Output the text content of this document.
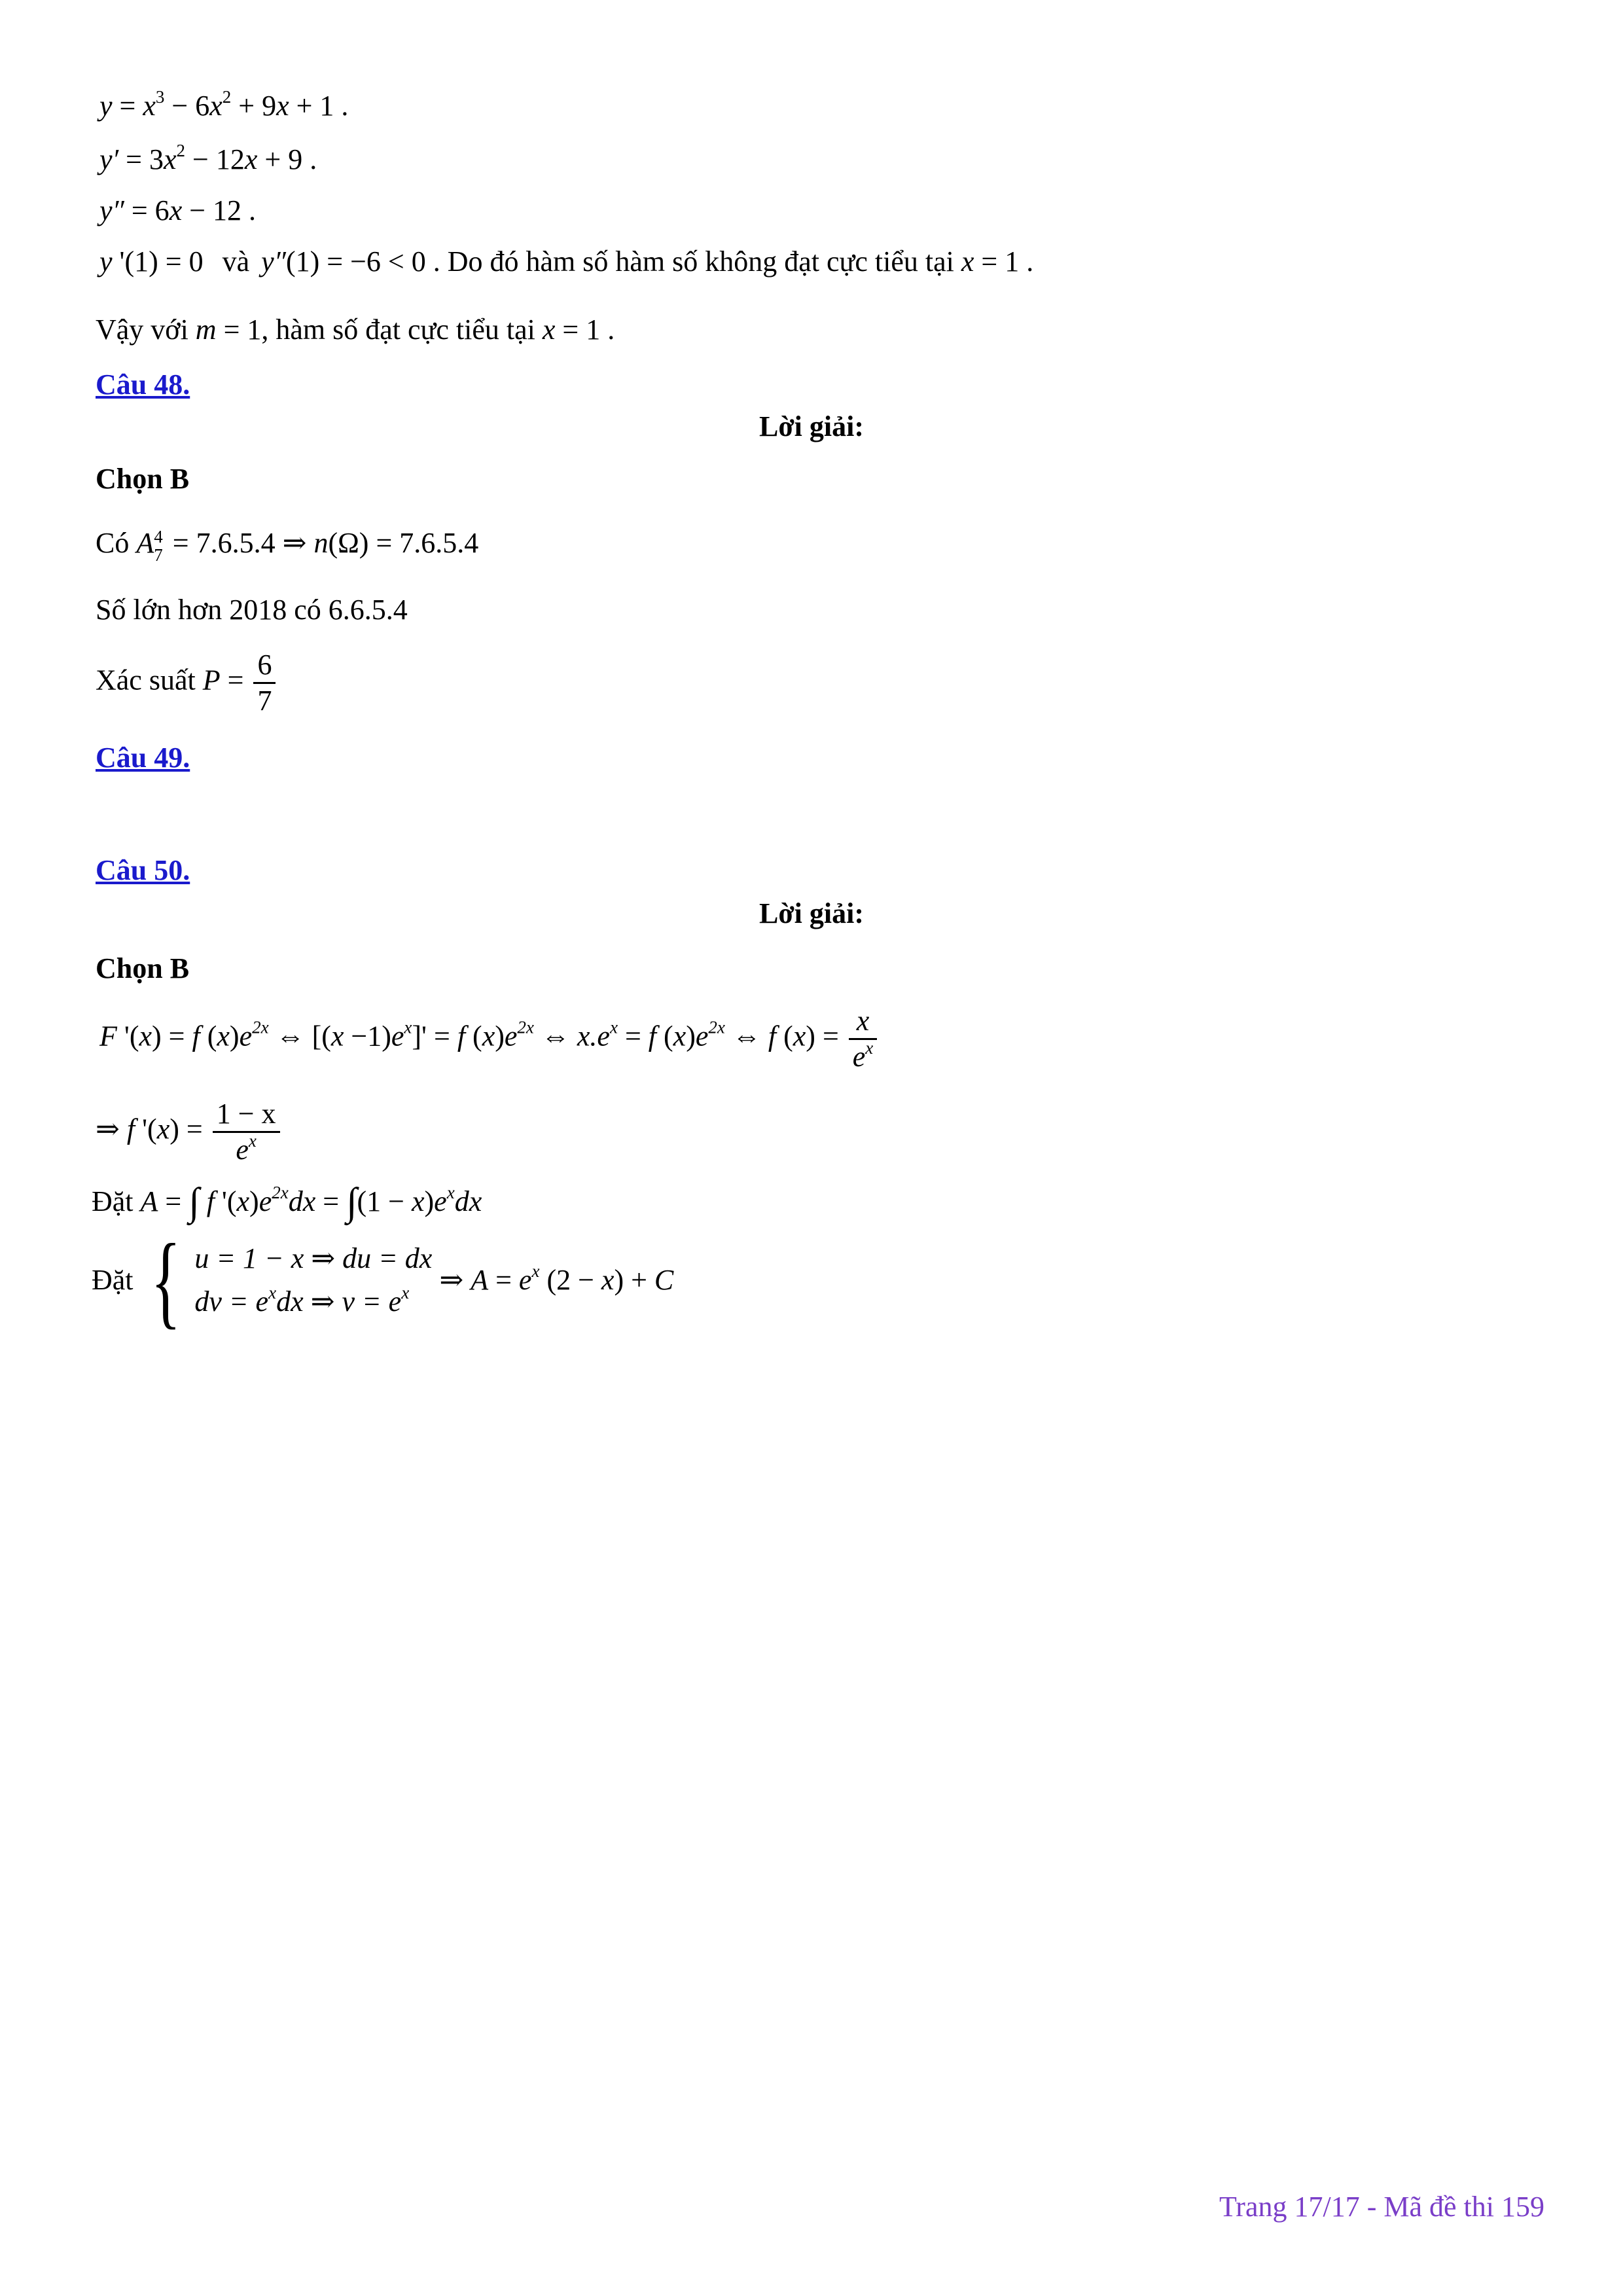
$y = x^3 - 6x^2 + 9x + 1$ .
$y' = 3x^2 - 12x + 9$ .
y″ = 6x − 12 .
y '(1) = 0 và y″(1) = −6 < 0 . Do đó hàm số hàm số không đạt cực tiểu tại x = 1 .
Vậy với m = 1, hàm số đạt cực tiểu tại x = 1 .
Câu 48.
Lời giải:
Chọn B
Có A 4
7 = 7.6.5.4 ⇒ n(Ω) = 7.6.5.4
Số lớn hơn 2018 có 6.6.5.4
Xác suất $P = \frac{6}{7}$
Câu 49.
Câu 50.
Lời giải:
Chọn B
F '(x) = f $(x)e^{2x}$ ⇔ $[(x -1)e^x]' = f$ $(x)e^{2x}$ ⇔ $x.e^x = f$ $(x)e^{2x}$ ⇔ f $(x) = \frac{x}{e^x}$
⇒ f '$(x) = \frac{1 - x}{e^x}$
Đặt A = ∫ f '$(x)e^{2x}dx = \int(1 - x)e^xdx$
Đặt { u = 1 − x ⇒ du = dx
dv = $e^xdx$ ⇒ $v = e^x$ ⇒ $A = e^x$ (2 − x) + C
Trang 17/17 - Mã đề thi 159
